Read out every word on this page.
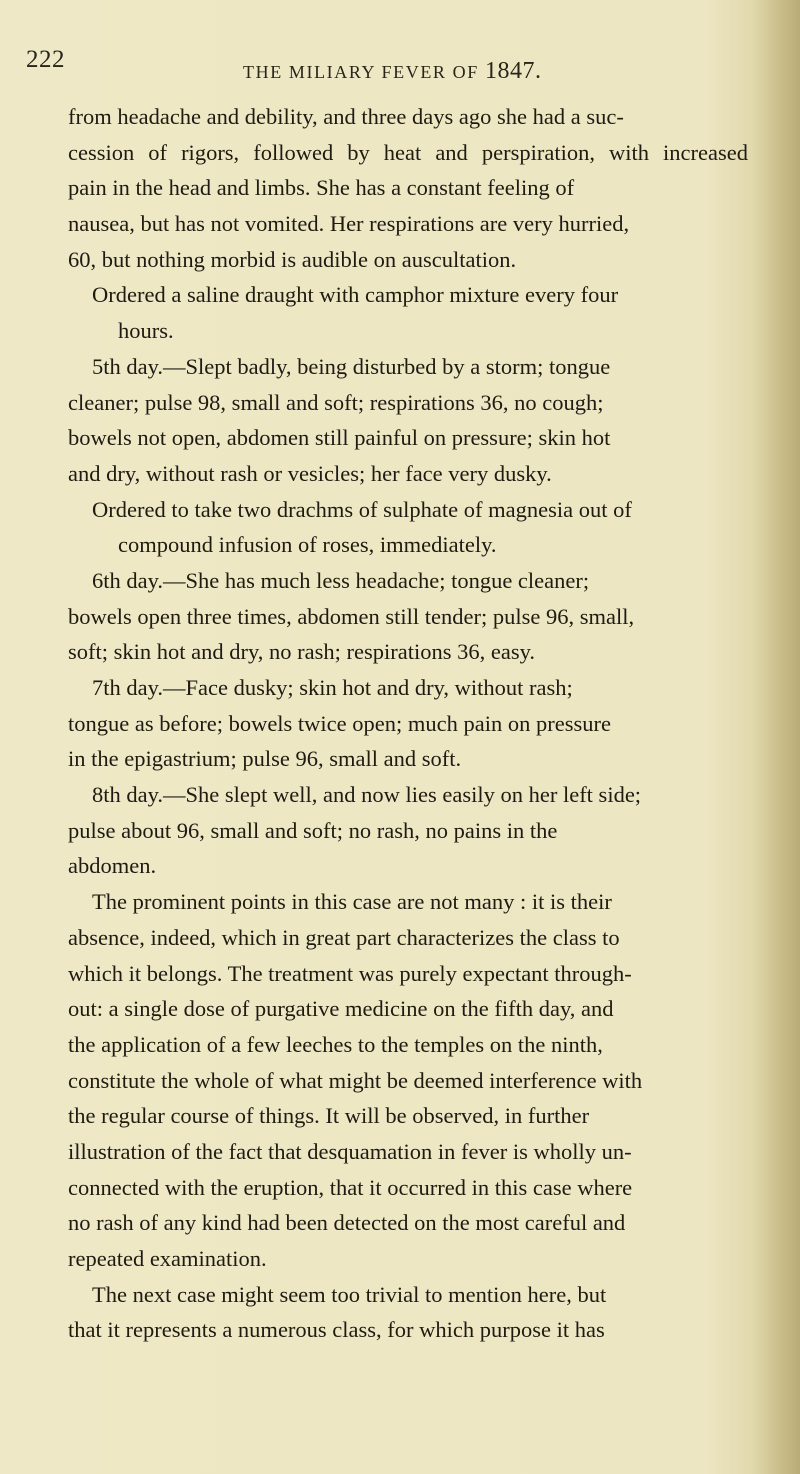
222	THE MILIARY FEVER OF 1847.
from headache and debility, and three days ago she had a suc-
cession of rigors, followed by heat and perspiration, with increased
pain in the head and limbs. She has a constant feeling of
nausea, but has not vomited. Her respirations are very hurried,
60, but nothing morbid is audible on auscultation.
Ordered a saline draught with camphor mixture every four
hours.
5th day.—Slept badly, being disturbed by a storm; tongue
cleaner; pulse 98, small and soft; respirations 36, no cough;
bowels not open, abdomen still painful on pressure; skin hot
and dry, without rash or vesicles; her face very dusky.
Ordered to take two drachms of sulphate of magnesia out of
compound infusion of roses, immediately.
6th day.—She has much less headache; tongue cleaner;
bowels open three times, abdomen still tender; pulse 96, small,
soft; skin hot and dry, no rash; respirations 36, easy.
7th day.—Face dusky; skin hot and dry, without rash;
tongue as before; bowels twice open; much pain on pressure
in the epigastrium; pulse 96, small and soft.
8th day.—She slept well, and now lies easily on her left side;
pulse about 96, small and soft; no rash, no pains in the
abdomen.
The prominent points in this case are not many : it is their
absence, indeed, which in great part characterizes the class to
which it belongs. The treatment was purely expectant through-
out: a single dose of purgative medicine on the fifth day, and
the application of a few leeches to the temples on the ninth,
constitute the whole of what might be deemed interference with
the regular course of things. It will be observed, in further
illustration of the fact that desquamation in fever is wholly un-
connected with the eruption, that it occurred in this case where
no rash of any kind had been detected on the most careful and
repeated examination.
The next case might seem too trivial to mention here, but
that it represents a numerous class, for which purpose it has
